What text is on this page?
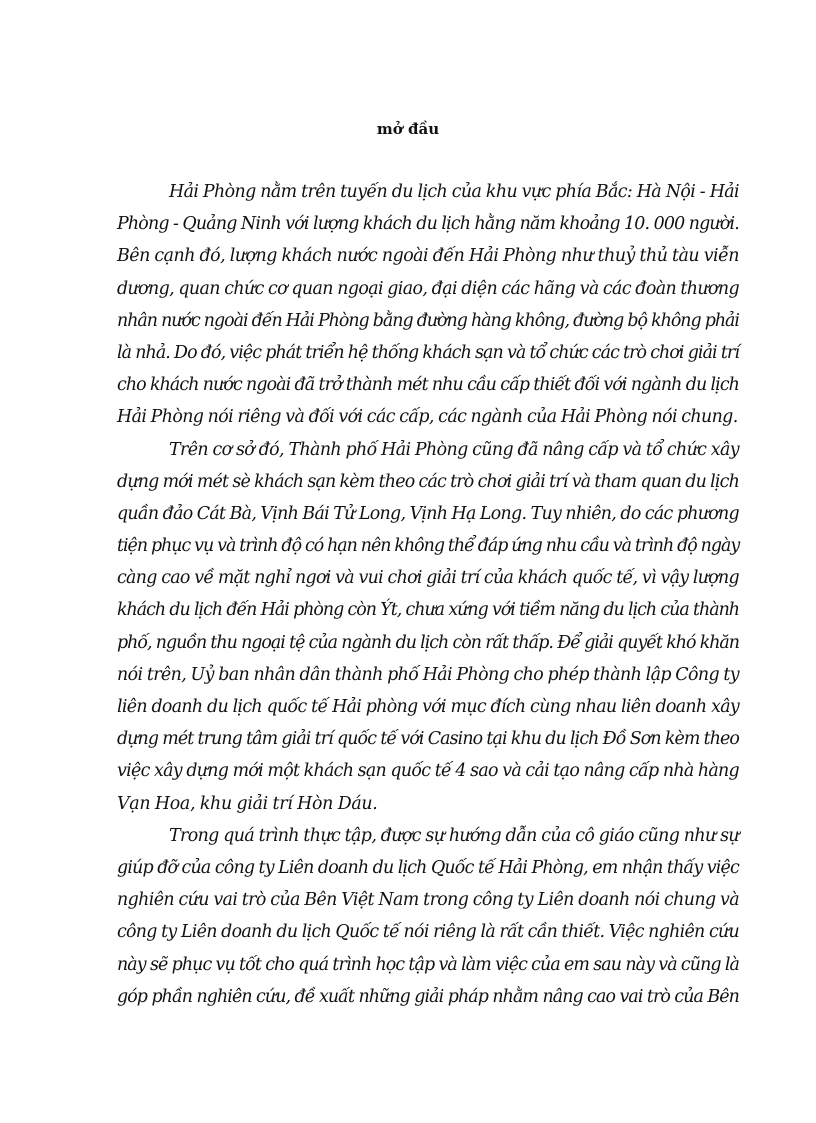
mở đầu
Hải Phòng nằm trên tuyến du lịch của khu vực phía Bắc: Hà Nội - Hải
Phòng - Quảng Ninh với lượng khách du lịch hằng năm khoảng 10. 000 người.
Bên cạnh đó, lượng khách nước ngoài đến Hải Phòng như thuỷ thủ tàu viễn
dương, quan chức cơ quan ngoại giao, đại diện các hãng và các đoàn thương
nhân nước ngoài đến Hải Phòng bằng đường hàng không, đường bộ không phải
là nhả. Do đó, việc phát triển hệ thống khách sạn và tổ chức các trò chơi giải trí
cho khách nước ngoài đã trở thành mét nhu cầu cấp thiết đối với ngành du lịch
Hải Phòng nói riêng và đối với các cấp, các ngành của Hải Phòng nói chung.
Trên cơ sở đó, Thành phố Hải Phòng cũng đã nâng cấp và tổ chức xây
dựng mới mét sè khách sạn kèm theo các trò chơi giải trí và tham quan du lịch
quần đảo Cát Bà, Vịnh Bái Tử Long, Vịnh Hạ Long. Tuy nhiên, do các phương
tiện phục vụ và trình độ có hạn nên không thể đáp ứng nhu cầu và trình độ ngày
càng cao về mặt nghỉ ngơi và vui chơi giải trí của khách quốc tế, vì vậy lượng
khách du lịch đến Hải phòng còn Ýt, chưa xứng với tiềm năng du lịch của thành
phố, nguồn thu ngoại tệ của ngành du lịch còn rất thấp. Để giải quyết khó khăn
nói trên, Uỷ ban nhân dân thành phố Hải Phòng cho phép thành lập Công ty
liên doanh du lịch quốc tế Hải phòng với mục đích cùng nhau liên doanh xây
dựng mét trung tâm giải trí quốc tế với Casino tại khu du lịch Đồ Sơn kèm theo
việc xây dựng mới một khách sạn quốc tế 4 sao và cải tạo nâng cấp nhà hàng
Vạn Hoa, khu giải trí Hòn Dáu.
Trong quá trình thực tập, được sự hướng dẫn của cô giáo cũng như sự
giúp đỡ của công ty Liên doanh du lịch Quốc tế Hải Phòng, em nhận thấy việc
nghiên cứu vai trò của Bên Việt Nam trong công ty Liên doanh nói chung và
công ty Liên doanh du lịch Quốc tế nói riêng là rất cần thiết. Việc nghiên cứu
này sẽ phục vụ tốt cho quá trình học tập và làm việc của em sau này và cũng là
góp phần nghiên cứu, đề xuất những giải pháp nhằm nâng cao vai trò của Bên
